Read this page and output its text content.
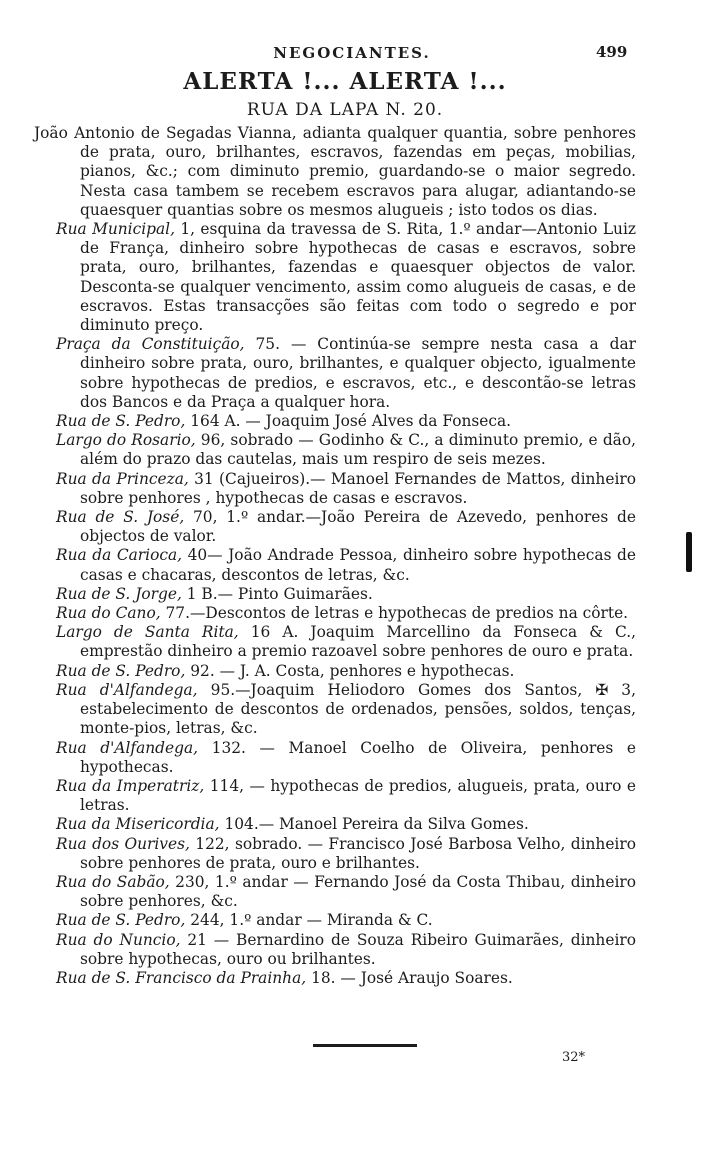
NEGOCIANTES.	499
ALERTA !... ALERTA !...
RUA DA LAPA N. 20.

João Antonio de Segadas Vianna, adianta qualquer quantia, sobre penhores de prata, ouro, brilhantes, escravos, fazendas em peças, mobilias, pianos, &c.; com diminuto premio, guardando-se o maior segredo. Nesta casa tambem se recebem escravos para alugar, adiantando-se quaesquer quantias sobre os mesmos alugueis ; isto todos os dias.

Rua Municipal, 1, esquina da travessa de S. Rita, 1.º andar—Antonio Luiz de França, dinheiro sobre hypothecas de casas e escravos, sobre prata, ouro, brilhantes, fazendas e quaesquer objectos de valor. Desconta-se qualquer vencimento, assim como alugueis de casas, e de escravos. Estas transacções são feitas com todo o segredo e por diminuto preço.

Praça da Constituição, 75. — Continúa-se sempre nesta casa a dar dinheiro sobre prata, ouro, brilhantes, e qualquer objecto, igualmente sobre hypothecas de predios, e escravos, etc., e descontão-se letras dos Bancos e da Praça a qualquer hora.

Rua de S. Pedro, 164 A. — Joaquim José Alves da Fonseca.

Largo do Rosario, 96, sobrado — Godinho & C., a diminuto premio, e dão, além do prazo das cautelas, mais um respiro de seis mezes.

Rua da Princeza, 31 (Cajueiros).— Manoel Fernandes de Mattos, dinheiro sobre penhores , hypothecas de casas e escravos.

Rua de S. José, 70, 1.º andar.—João Pereira de Azevedo, penhores de objectos de valor.

Rua da Carioca, 40— João Andrade Pessoa, dinheiro sobre hypothecas de casas e chacaras, descontos de letras, &c.

Rua de S. Jorge, 1 B.— Pinto Guimarães.

Rua do Cano, 77.—Descontos de letras e hypothecas de predios na côrte.

Largo de Santa Rita, 16 A. Joaquim Marcellino da Fonseca & C., emprestão dinheiro a premio razoavel sobre penhores de ouro e prata.

Rua de S. Pedro, 92. — J. A. Costa, penhores e hypothecas.

Rua d'Alfandega, 95.—Joaquim Heliodoro Gomes dos Santos, ✠ 3, estabelecimento de descontos de ordenados, pensões, soldos, tenças, monte-pios, letras, &c.

Rua d'Alfandega, 132. — Manoel Coelho de Oliveira, penhores e hypothecas.

Rua da Imperatriz, 114, — hypothecas de predios, alugueis, prata, ouro e letras.

Rua da Misericordia, 104.— Manoel Pereira da Silva Gomes.

Rua dos Ourives, 122, sobrado. — Francisco José Barbosa Velho, dinheiro sobre penhores de prata, ouro e brilhantes.

Rua do Sabão, 230, 1.º andar — Fernando José da Costa Thibau, dinheiro sobre penhores, &c.

Rua de S. Pedro, 244, 1.º andar — Miranda & C.

Rua do Nuncio, 21 — Bernardino de Souza Ribeiro Guimarães, dinheiro sobre hypothecas, ouro ou brilhantes.

Rua de S. Francisco da Prainha, 18. — José Araujo Soares.

32*
